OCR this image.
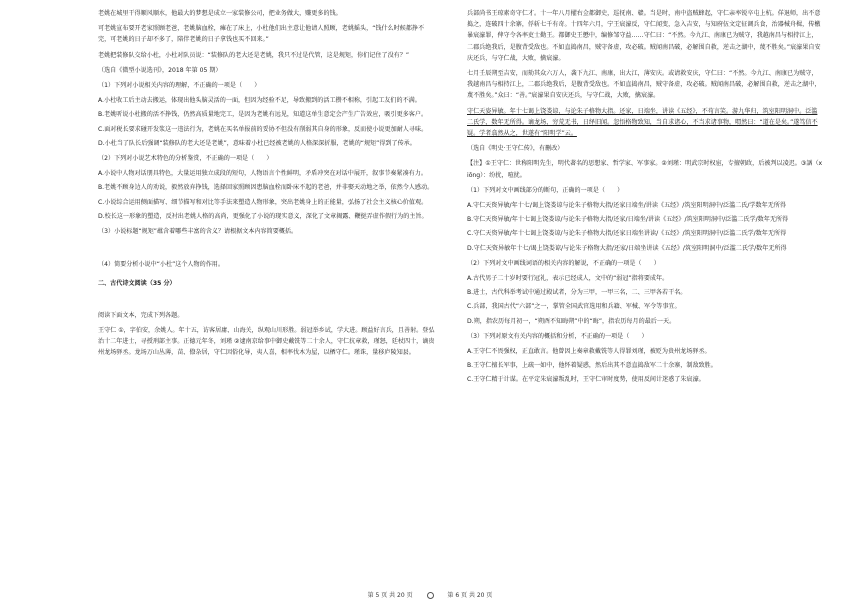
老姚在城里干得顺风顺水，他最大的梦想是成立一家装修公司，把业务做大，赚更多的钱。

可老姚宣布要开老家照顾老爸，老姚脑血栓，瘫在了床上，小杜他们出主意让他请人照顾，老姚摇头，“钱什么时候都挣不完，可老姚的日子却不多了，陪伴老姚的日子拿钱也买不回来。”

老姚把装修队交给小杜，小杜对队员说：“装修队的老大还是老姚，我只不过是代管，这是规矩，你们记住了没有？”

（选自《微型小说选刊》，2018 年第 05 期）

（1）下列对小说相关内容的理解，不正确的一项是（　　）

A.小杜收工后主动去搬运，体现出他头脑灵活的一面，但因为经验不足，导致搬到的活工攒不相称，引起工友们的不满。

B.老姚听说小杜搬的活不挣钱，仍然高质量地完工，是因为老姚有远见，知道这单生意定会产生广告效应，吸引更多客户。

C.面对税长要求碰开发浆这一违法行为，老姚在买名单报前的妥协不但没有削弱其自身的形象，反而使小说更加耐人寻味。

D.小杜当了队长后强调“装修队的老大还是老姚”，意味着小杜已经被老姚的人格深深折服，老姚的“规矩”得到了传承。

（2）下列对小说艺术特色的分析鉴赏，不正确的一项是（　　）

A.小说中人物对话朋具特色，大量运用独立成段的短句，人物语言个性鲜明，矛盾冲突在对话中展开，叙事节奏紧凑有力。

B.老姚不顾身边人的劝说，毅然放弃挣钱，选择回家照顾因患脑血栓而卧床不起的老爸，并非娶天动地之举，依然令人感动。

C.小说综合运用侧面描写、细节描写和对比等手法来塑造人物形象，突出老姚身上的正能量，弘扬了社会主义核心价值观。

D.校长这一形象的塑造，反衬出老姚人格的高尚，更强化了小说的现实意义，深化了文章揭露、鞭挞弄虚作假行为的主旨。

（3）小说标题“规矩”蕴含着哪些丰富的含义？请根据文本内容简要概括。

（4）简要分析小说中“小杜”这个人物的作用。

二、古代诗文阅读（35 分）

阅读下面文本，完成下列各题。

王守仁 ①，字伯安，余姚人。年十五，访客居庸、山海关，纵观山川形胜。弱冠举乡试，学大进。顾益好言兵，且善射。登弘治十二年进士，寻授刑部主事。正德元年冬，刘瑾 ②逮南京给事中御史戴铣等二十余人，守仁抗章救，瑾怒，廷杖四十，谪贵州龙场驿丞。龙场万山丛薄，苗、僚杂居，守仁因俗化导，夷人喜，相率伐木为屋，以栖守仁。瑾诛，量移庐陵知县。

兵部尚书王琼素奇守仁才。十一年八月擢右佥都御史，巡抚南、赣。当是时，南中盗贼蜂起，守仁亲率锐卒屯上杭。佯退师，出不意捣之，连破四十余寨，俘斩七千有奇。十四年六月，宁王宸濠反，守仁闻变，急入吉安，与知府伍文定征调兵食，治器械舟楫，传檄暴宸濠罪，俾守令各率吏士勤王。都御史王懋中，编修邹守益……守仁曰：“不然。今九江、南康已为贼守，我越南昌与相持江上，二郡兵绝我后，是腹背受敌也。不如直捣南昌，贼守备虚，攻必破。贼闻南昌破，必解围自救，逆击之湖中，蔑不胜矣。”宸濠果自安庆还兵，与守仁战，大败，擒宸濠。

七月壬辰朔至吉安，而劾其众六万人，袭下九江、南康，出大江，薄安庆。或请救安庆，守仁曰：“不然。今九江、南康已为贼守，我越南昌与相持江上，二郡兵绝我后，是腹背受敌也。不如直捣南昌，贼守备虚，攻必破。贼闻南昌破，必解围自救，逆击之湖中，蔑不胜矣。”众曰：“善。”宸濠果自安庆还兵，与守仁战，大败，擒宸濠。

守仁天姿异敏。年十七谒上饶娄谅，与论朱子格物大指。还家，日端坐，讲读《五经》，不苟言笑。游九华归，筑室阳明洞中。泛滥二氏学，数年无所得。谪龙场，穷荒无书，日绎旧闻。忽悟格物致知，当自求诸心，不当求诸事物，喟然曰：“道在是矣。”遂笃信不疑。学者翕然从之，世遂有“阳明学”云。

（选自《明史·王守仁传》，有删改）

【注】①王守仁：世称阳明先生，明代著名的思想家、哲学家、军事家。②刘瑾：明武宗时权宦，专擅朝政，后被判以凌迟。③訩（xiōng）：纷扰，喧扰。

（1）下列对文中画线部分的断句，正确的一项是（　　）

A.守仁天资异敏/年十七/谒上饶娄谅与论朱子格物大指/还家日端坐/讲读《五经》/筑室阳明洞中/泛滥二氏/学数年无所得

B.守仁天资异敏/年十七谒上饶娄谅/与论朱子格物大指/还家/日端坐/讲读《五经》/筑室阳明洞中/泛滥二氏学/数年无所得

C.守仁天资异敏/年十七谒上饶娄谅/与论朱子格物大指/还家日端坐讲读/《五经》/筑室阳明洞中/泛滥二氏学/数年无所得

D.守仁天资异敏年十七/谒上饶娄谅/与论朱子格物大指/还家/日端坐讲读《五经》/筑室阳明洞中/泛滥二氏学/数年无所得

（2）下列对文中画线词语的相关内容的解说，不正确的一项是（　　）

A.古代男子二十岁时要行冠礼，表示已经成人，文中的“弱冠”指将要成年。

B.进士，古代科举考试中通过殿试者，分为三甲，一甲三名，二、三甲各若干名。

C.兵部，我国古代“六部”之一，掌管全国武官选用和兵籍、军械、军令等事宜。

D.朔，指农历每月初一，“朔酉不知晦朔”中的“晦”，指农历每月的最后一天。

（3）下列对原文有关内容的概括和分析，不正确的一项是（　　）

A.王守仁不畏强权，正直敢言。他曾因上奏章救戴铣等人得罪刘瑾，被贬为贵州龙场驿丞。

B.王守仁擅长军事，上疏一如中，他怀着疑惑，然后出其不意直捣敌军二十余寨，制敌致胜。

C.王守仁精于计谋。在平定朱宸濠叛乱时，王守仁审时度势，使用反间计迷惑了朱宸濠。

第 5 页 共 20 页	第 6 页 共 20 页
